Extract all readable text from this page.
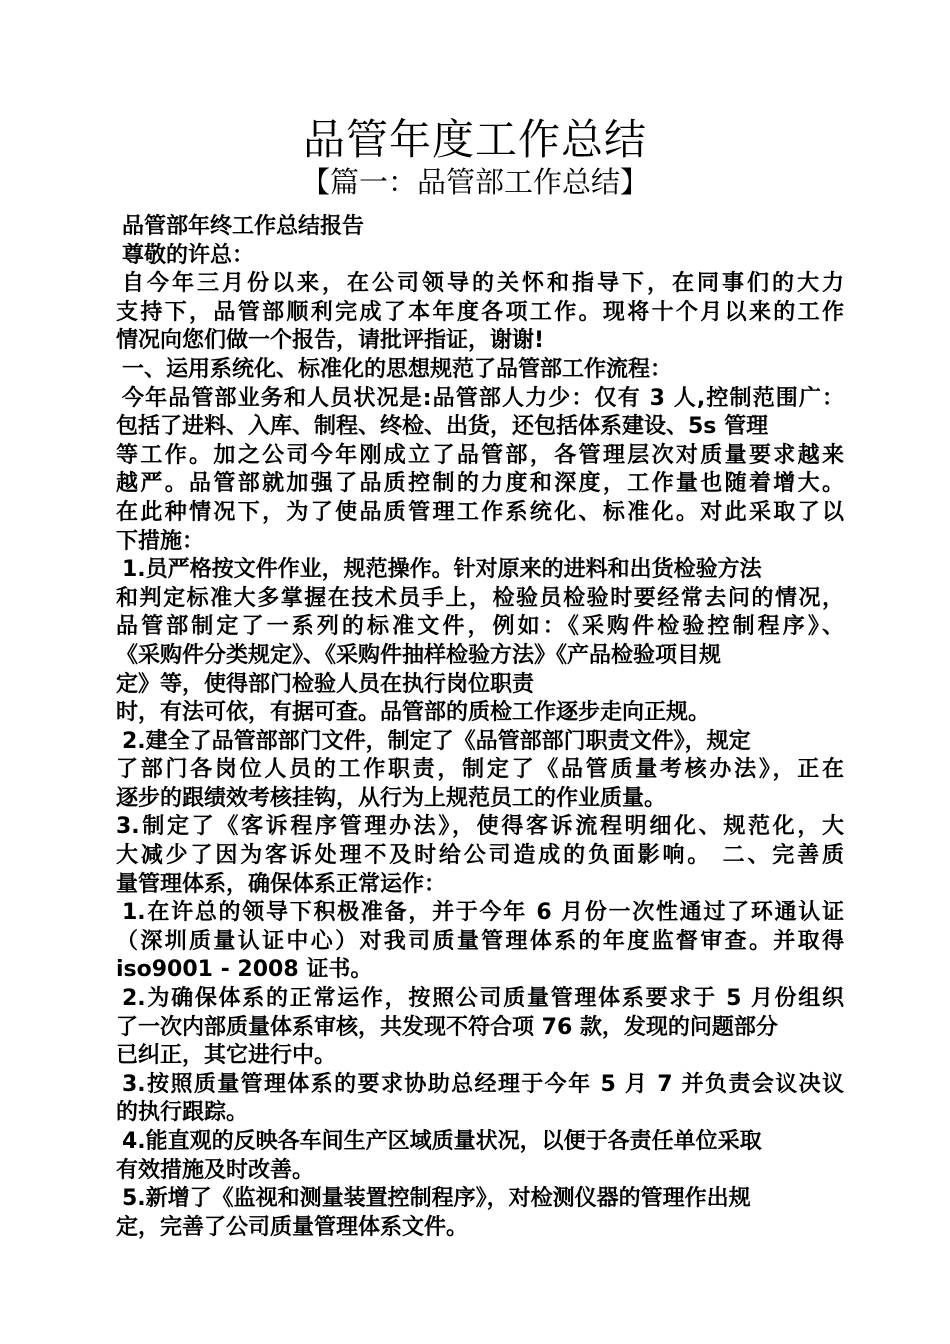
品管年度工作总结
【篇一：品管部工作总结】
品管部年终工作总结报告
尊敬的许总：
自今年三月份以来，在公司领导的关怀和指导下，在同事们的大力
支持下，品管部顺利完成了本年度各项工作。现将十个月以来的工作
情况向您们做一个报告，请批评指证，谢谢!
一、运用系统化、标准化的思想规范了品管部工作流程：
今年品管部业务和人员状况是:品管部人力少：仅有 3 人,控制范围广：
包括了进料、入库、制程、终检、出货，还包括体系建设、5s 管理
等工作。加之公司今年刚成立了品管部，各管理层次对质量要求越来
越严。品管部就加强了品质控制的力度和深度，工作量也随着增大。
在此种情况下，为了使品质管理工作系统化、标准化。对此采取了以
下措施：
1.员严格按文件作业，规范操作。针对原来的进料和出货检验方法
和判定标准大多掌握在技术员手上，检验员检验时要经常去问的情况，
品管部制定了一系列的标准文件，例如：《采购件检验控制程序》、
《采购件分类规定》、《采购件抽样检验方法》《产品检验项目规
定》等，使得部门检验人员在执行岗位职责
时，有法可依，有据可查。品管部的质检工作逐步走向正规。
2.建全了品管部部门文件，制定了《品管部部门职责文件》，规定
了部门各岗位人员的工作职责，制定了《品管质量考核办法》，正在
逐步的跟绩效考核挂钩，从行为上规范员工的作业质量。
3.制定了《客诉程序管理办法》，使得客诉流程明细化、规范化，大
大减少了因为客诉处理不及时给公司造成的负面影响。 二、完善质
量管理体系，确保体系正常运作：
1.在许总的领导下积极准备，并于今年 6 月份一次性通过了环通认证
（深圳质量认证中心）对我司质量管理体系的年度监督审查。并取得
iso9001 - 2008 证书。
2.为确保体系的正常运作，按照公司质量管理体系要求于 5 月份组织
了一次内部质量体系审核，共发现不符合项 76 款，发现的问题部分
已纠正，其它进行中。
3.按照质量管理体系的要求协助总经理于今年 5 月 7 并负责会议决议
的执行跟踪。
4.能直观的反映各车间生产区域质量状况，以便于各责任单位采取
有效措施及时改善。
5.新增了《监视和测量装置控制程序》，对检测仪器的管理作出规
定，完善了公司质量管理体系文件。
